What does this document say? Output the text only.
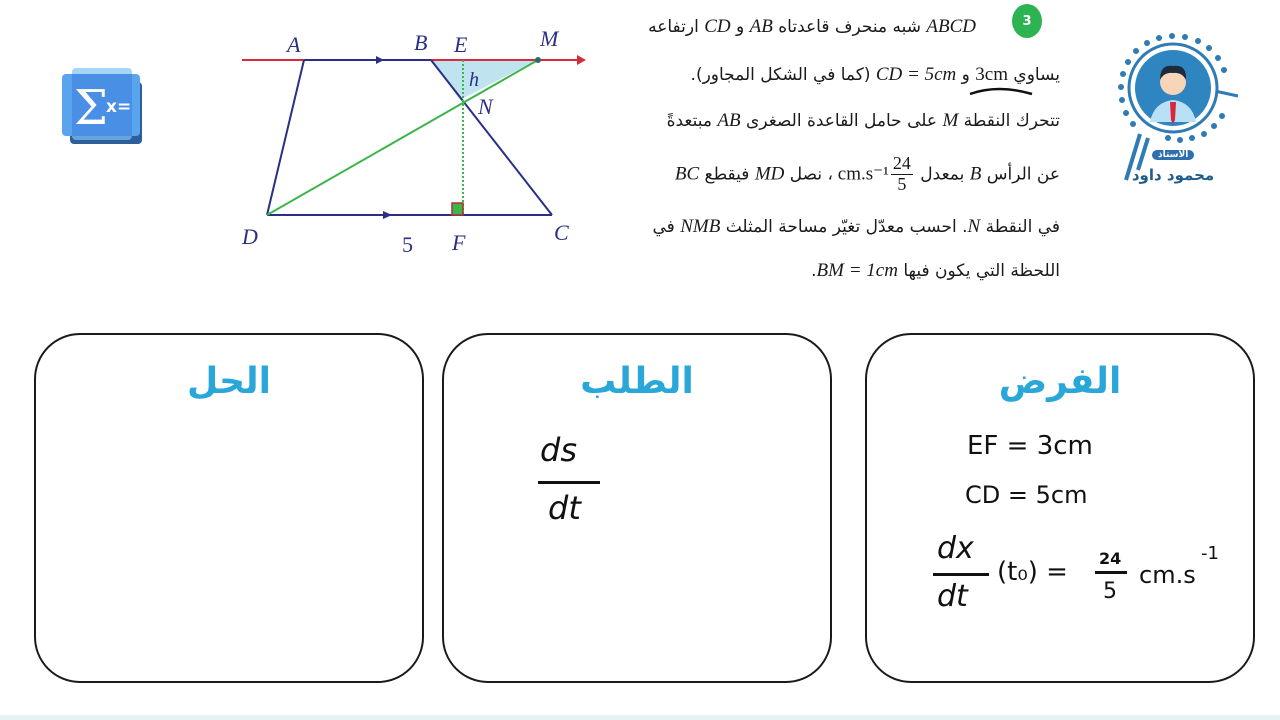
Σ
x=
الأستاذ
محمود داود
A	B E	M
h
N
D	F	C
5
3
ABCD شبه منحرف قاعدتاه AB و CD ارتفاعه
يساوي 3cm و CD = 5cm (كما في الشكل المجاور).
تتحرك النقطة M على حامل القاعدة الصغرى AB مبتعدةً
عن الرأس B بمعدل
$\frac{24}{5}$
cm.s⁻¹، نصل MD فيقطع BC
في النقطة N. احسب معدّل تغيّر مساحة المثلث NMB في
اللحظة التي يكون فيها BM = 1cm.
الحل	الطلب
ds
dt
الفرض
EF = 3cm
CD = 5cm
dx
dt
(t₀) = 24
5
cm.s
-1
